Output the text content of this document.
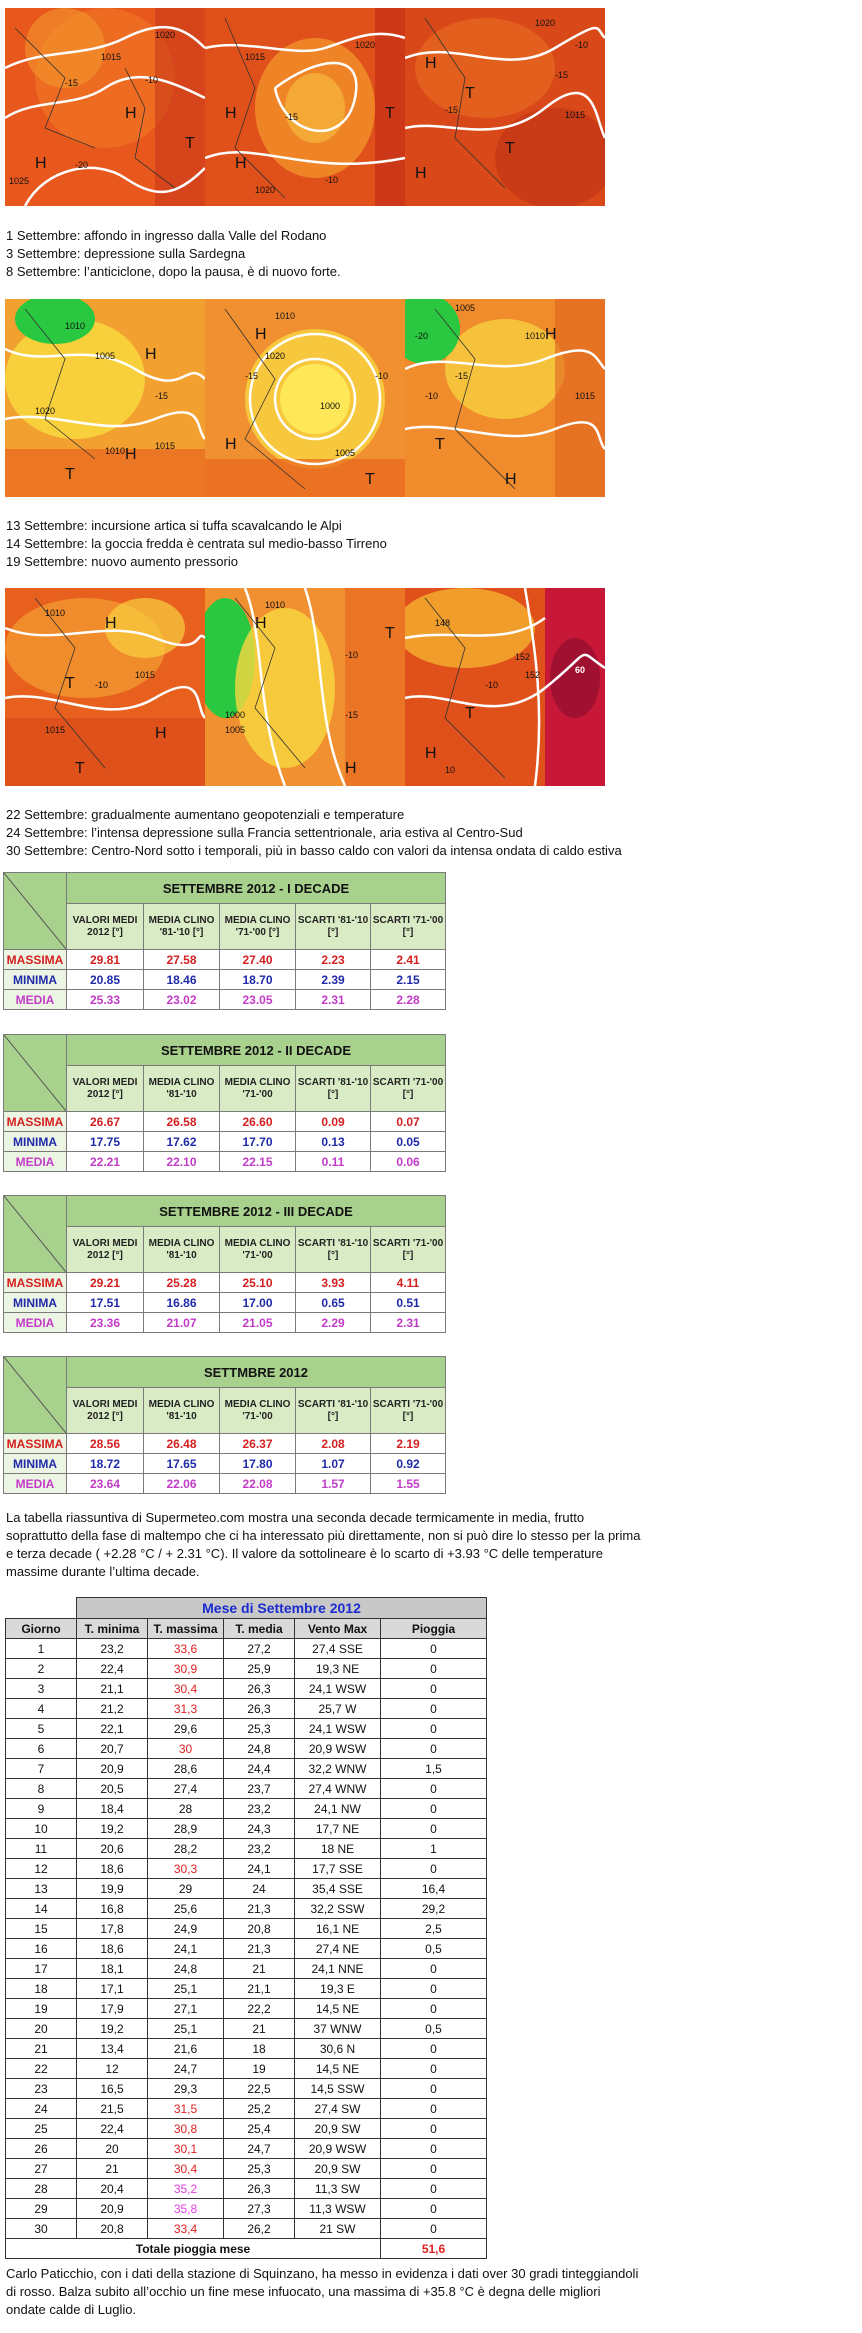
1015
1020
H
T
-15	-10
1025
H	-20
1015
1020
H	-15
-10
1020
T
H
1020
-15
H
T
-15	1015
H
T
-10
1 Settembre: affondo in ingresso dalla Valle del Rodano
3 Settembre: depressione sulla Sardegna
8 Settembre: l’anticiclone, dopo la pausa, è di nuovo forte.
1010
1005 H
-15
1020
1015
H
T
1010
1010
1020
1000
H
-15	-10
1005
T
H
1005
-20	H
-15
1010
1015
-10
T
H
13 Settembre: incursione artica si tuffa scavalcando le Alpi
14 Settembre: la goccia fredda è centrata sul medio-basso Tirreno
19 Settembre: nuovo aumento pressorio
1010
1015
H
-10
T
1015	H
T
1000
1005
H
-10
1010
-15
T
H
148
152
-10
T
152	60
10
H
22 Settembre: gradualmente aumentano geopotenziali e temperature
24 Settembre: l’intensa depressione sulla Francia settentrionale, aria estiva al Centro-Sud
30 Settembre: Centro-Nord sotto i temporali, più in basso caldo con valori da intensa ondata di caldo estiva
	SETTEMBRE 2012 - I DECADE				
	VALORI MEDI 2012 [°]	MEDIA CLINO '81-'10 [°]	MEDIA CLINO '71-'00 [°]	SCARTI '81-'10 [°]	SCARTI '71-'00 [°]
MASSIMA	29.81	27.58	27.40	2.23	2.41
MINIMA	20.85	18.46	18.70	2.39	2.15
MEDIA	25.33	23.02	23.05	2.31	2.28
	SETTEMBRE 2012 - II DECADE				
	VALORI MEDI 2012 [°]	MEDIA CLINO '81-'10	MEDIA CLINO '71-'00	SCARTI '81-'10 [°]	SCARTI '71-'00 [°]
MASSIMA	26.67	26.58	26.60	0.09	0.07
MINIMA	17.75	17.62	17.70	0.13	0.05
MEDIA	22.21	22.10	22.15	0.11	0.06
	SETTEMBRE 2012 - III DECADE				
	VALORI MEDI 2012 [°]	MEDIA CLINO '81-'10	MEDIA CLINO '71-'00	SCARTI '81-'10 [°]	SCARTI '71-'00 [°]
MASSIMA	29.21	25.28	25.10	3.93	4.11
MINIMA	17.51	16.86	17.00	0.65	0.51
MEDIA	23.36	21.07	21.05	2.29	2.31
	SETTMBRE 2012				
	VALORI MEDI 2012 [°]	MEDIA CLINO '81-'10	MEDIA CLINO '71-'00	SCARTI '81-'10 [°]	SCARTI '71-'00 [°]
MASSIMA	28.56	26.48	26.37	2.08	2.19
MINIMA	18.72	17.65	17.80	1.07	0.92
MEDIA	23.64	22.06	22.08	1.57	1.55
La tabella riassuntiva di Supermeteo.com mostra una seconda decade termicamente in media, frutto soprattutto della fase di maltempo che ci ha interessato più direttamente, non si può dire lo stesso per la prima e terza decade ( +2.28 °C / + 2.31 °C). Il valore da sottolineare è lo scarto di +3.93 °C delle temperature massime durante l’ultima decade.
	Mese di Settembre 2012				
Giorno	T. minima	T. massima	T. media	Vento Max	Pioggia
1	23,2	33,6	27,2	27,4 SSE	0
2	22,4	30,9	25,9	19,3 NE	0
3	21,1	30,4	26,3	24,1 WSW	0
4	21,2	31,3	26,3	25,7 W	0
5	22,1	29,6	25,3	24,1 WSW	0
6	20,7	30	24,8	20,9 WSW	0
7	20,9	28,6	24,4	32,2 WNW	1,5
8	20,5	27,4	23,7	27,4 WNW	0
9	18,4	28	23,2	24,1 NW	0
10	19,2	28,9	24,3	17,7 NE	0
11	20,6	28,2	23,2	18 NE	1
12	18,6	30,3	24,1	17,7 SSE	0
13	19,9	29	24	35,4 SSE	16,4
14	16,8	25,6	21,3	32,2 SSW	29,2
15	17,8	24,9	20,8	16,1 NE	2,5
16	18,6	24,1	21,3	27,4 NE	0,5
17	18,1	24,8	21	24,1 NNE	0
18	17,1	25,1	21,1	19,3 E	0
19	17,9	27,1	22,2	14,5 NE	0
20	19,2	25,1	21	37 WNW	0,5
21	13,4	21,6	18	30,6 N	0
22	12	24,7	19	14,5 NE	0
23	16,5	29,3	22,5	14,5 SSW	0
24	21,5	31,5	25,2	27,4 SW	0
25	22,4	30,8	25,4	20,9 SW	0
26	20	30,1	24,7	20,9 WSW	0
27	21	30,4	25,3	20,9 SW	0
28	20,4	35,2	26,3	11,3 SW	0
29	20,9	35,8	27,3	11,3 WSW	0
30	20,8	33,4	26,2	21 SW	0
Totale pioggia mese					51,6
Carlo Paticchio, con i dati della stazione di Squinzano, ha messo in evidenza i dati over 30 gradi tinteggiandoli di rosso. Balza subito all’occhio un fine mese infuocato, una massima di +35.8 °C è degna delle migliori ondate calde di Luglio.
